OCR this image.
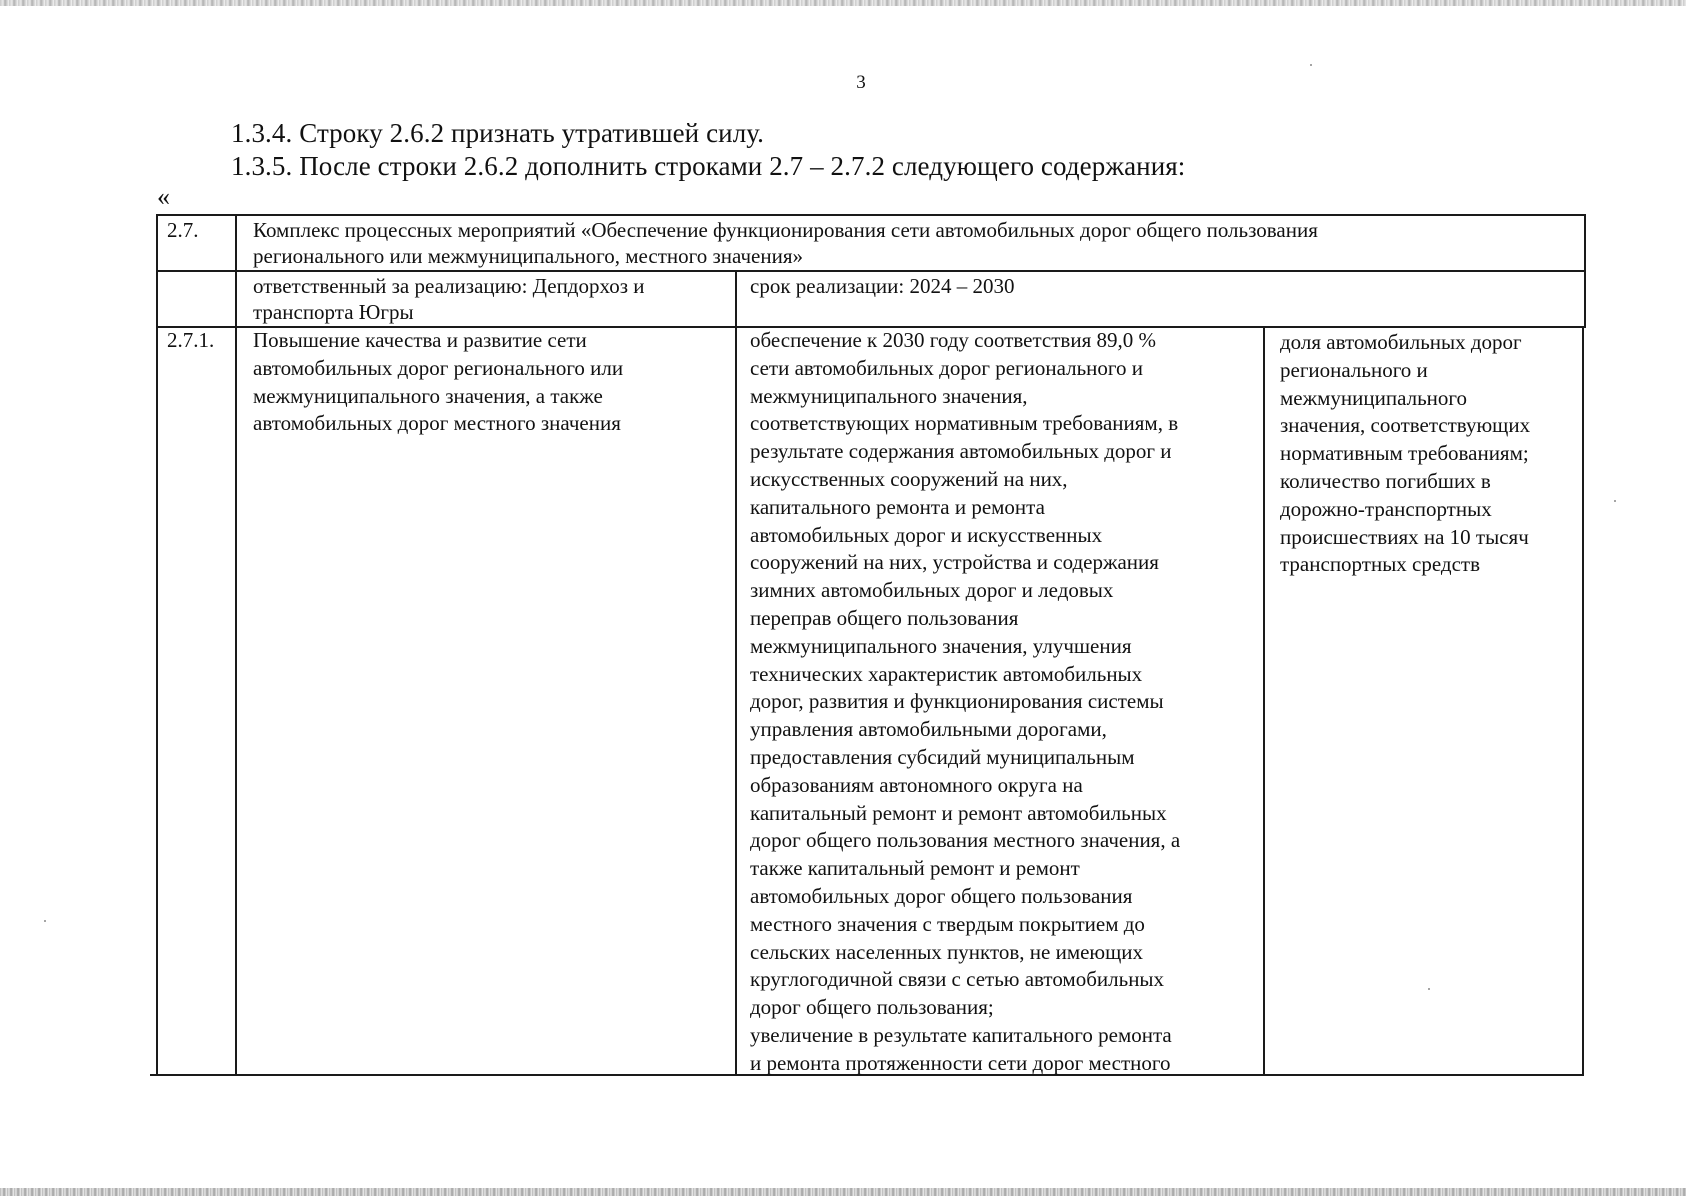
3
1.3.4. Строку 2.6.2 признать утратившей силу.
1.3.5. После строки 2.6.2 дополнить строками 2.7 – 2.7.2 следующего содержания:
«
2.7.	Комплекс процессных мероприятий «Обеспечение функционирования сети автомобильных дорог общего пользования
регионального или межмуниципального, местного значения»
ответственный за реализацию: Депдорхоз и
транспорта Югры
срок реализации: 2024 – 2030
2.7.1. Повышение качества и развитие сети
автомобильных дорог регионального или
межмуниципального значения, а также
автомобильных дорог местного значения
обеспечение к 2030 году соответствия 89,0 %
сети автомобильных дорог регионального и
межмуниципального значения,
соответствующих нормативным требованиям, в
результате содержания автомобильных дорог и
искусственных сооружений на них,
капитального ремонта и ремонта
автомобильных дорог и искусственных
сооружений на них, устройства и содержания
зимних автомобильных дорог и ледовых
переправ общего пользования
межмуниципального значения, улучшения
технических характеристик автомобильных
дорог, развития и функционирования системы
управления автомобильными дорогами,
предоставления субсидий муниципальным
образованиям автономного округа на
капитальный ремонт и ремонт автомобильных
дорог общего пользования местного значения, а
также капитальный ремонт и ремонт
автомобильных дорог общего пользования
местного значения с твердым покрытием до
сельских населенных пунктов, не имеющих
круглогодичной связи с сетью автомобильных
дорог общего пользования;
увеличение в результате капитального ремонта
и ремонта протяженности сети дорог местного
доля автомобильных дорог
регионального и
межмуниципального
значения, соответствующих
нормативным требованиям;
количество погибших в
дорожно-транспортных
происшествиях на 10 тысяч
транспортных средств
